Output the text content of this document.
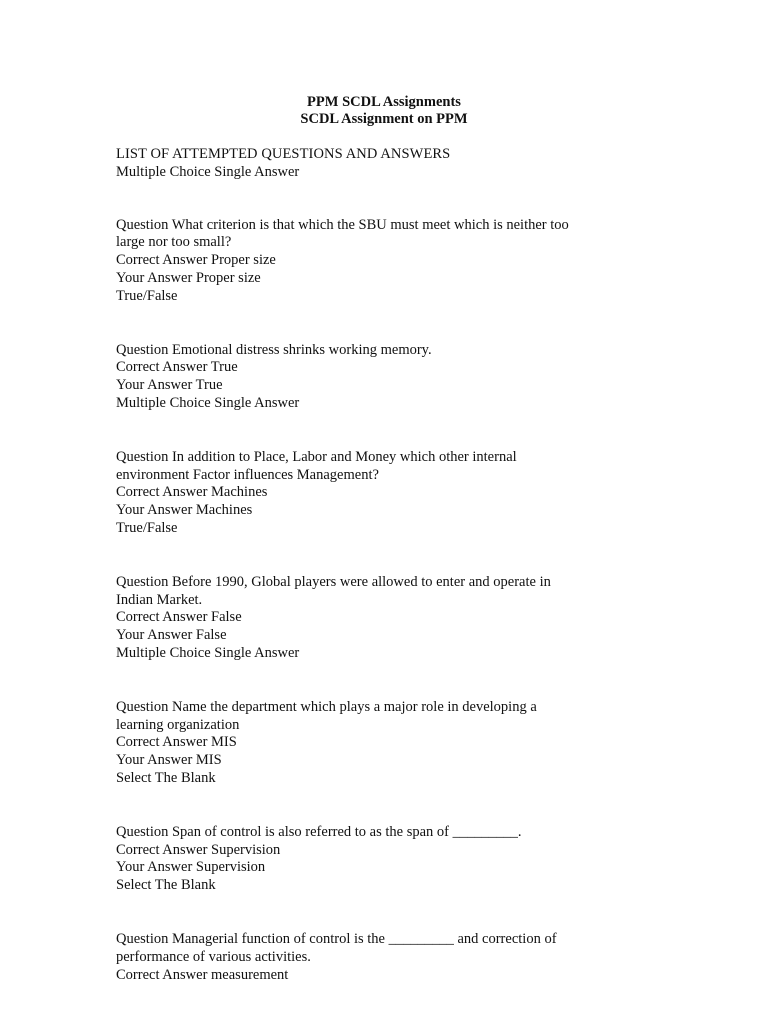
PPM SCDL Assignments
SCDL Assignment on PPM
LIST OF ATTEMPTED QUESTIONS AND ANSWERS
Multiple Choice Single Answer
Question What criterion is that which the SBU must meet which is neither too
large nor too small?
Correct Answer Proper size
Your Answer Proper size
True/False
Question Emotional distress shrinks working memory.
Correct Answer True
Your Answer True
Multiple Choice Single Answer
Question In addition to Place, Labor and Money which other internal
environment Factor influences Management?
Correct Answer Machines
Your Answer Machines
True/False
Question Before 1990, Global players were allowed to enter and operate in
Indian Market.
Correct Answer False
Your Answer False
Multiple Choice Single Answer
Question Name the department which plays a major role in developing a
learning organization
Correct Answer MIS
Your Answer MIS
Select The Blank
Question Span of control is also referred to as the span of _________.
Correct Answer Supervision
Your Answer Supervision
Select The Blank
Question Managerial function of control is the _________ and correction of
performance of various activities.
Correct Answer measurement
